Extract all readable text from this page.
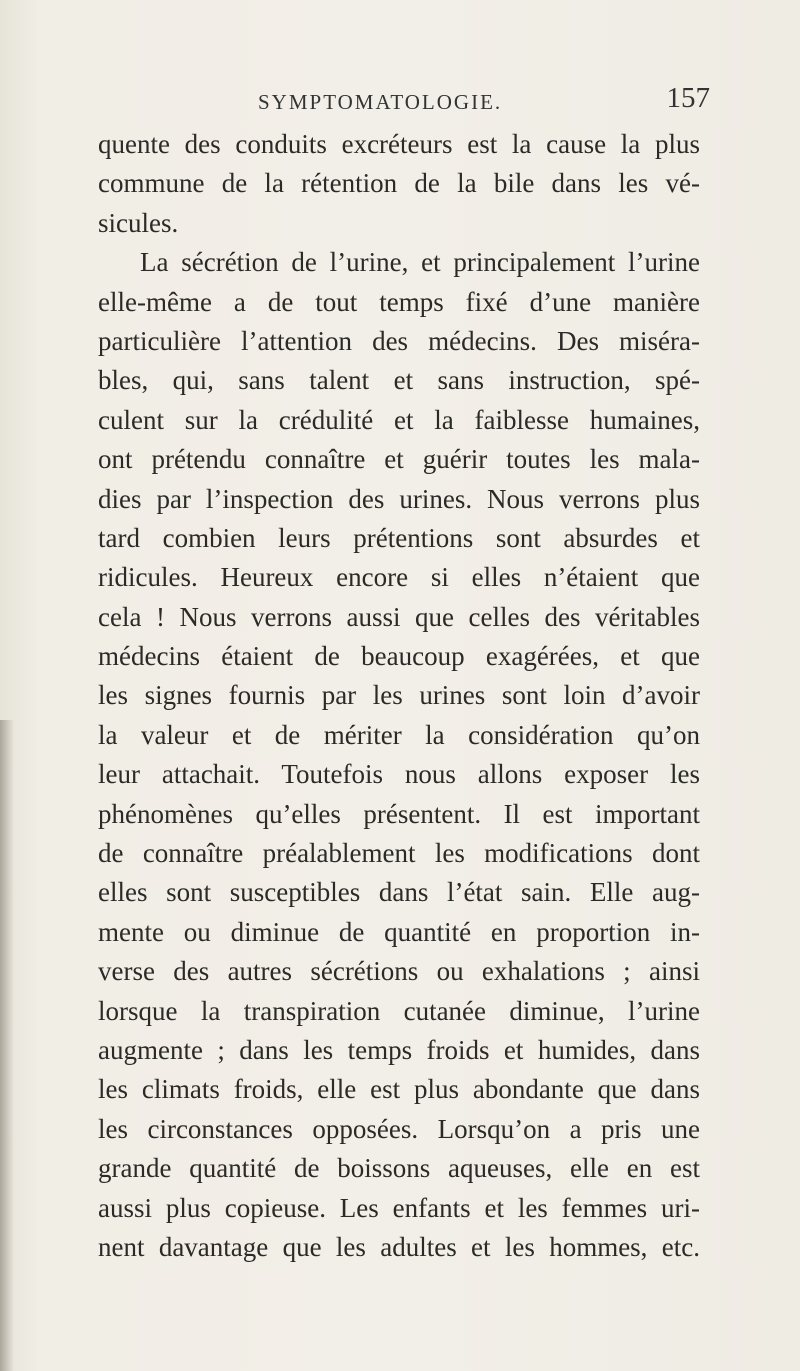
SYMPTOMATOLOGIE.	157
quente des conduits excréteurs est la cause la plus
commune de la rétention de la bile dans les vé-
sicules.
La sécrétion de l’urine, et principalement l’urine
elle-même a de tout temps fixé d’une manière
particulière l’attention des médecins. Des miséra-
bles, qui, sans talent et sans instruction, spé-
culent sur la crédulité et la faiblesse humaines,
ont prétendu connaître et guérir toutes les mala-
dies par l’inspection des urines. Nous verrons plus
tard combien leurs prétentions sont absurdes et
ridicules. Heureux encore si elles n’étaient que
cela ! Nous verrons aussi que celles des véritables
médecins étaient de beaucoup exagérées, et que
les signes fournis par les urines sont loin d’avoir
la valeur et de mériter la considération qu’on
leur attachait. Toutefois nous allons exposer les
phénomènes qu’elles présentent. Il est important
de connaître préalablement les modifications dont
elles sont susceptibles dans l’état sain. Elle aug-
mente ou diminue de quantité en proportion in-
verse des autres sécrétions ou exhalations ; ainsi
lorsque la transpiration cutanée diminue, l’urine
augmente ; dans les temps froids et humides, dans
les climats froids, elle est plus abondante que dans
les circonstances opposées. Lorsqu’on a pris une
grande quantité de boissons aqueuses, elle en est
aussi plus copieuse. Les enfants et les femmes uri-
nent davantage que les adultes et les hommes, etc.
